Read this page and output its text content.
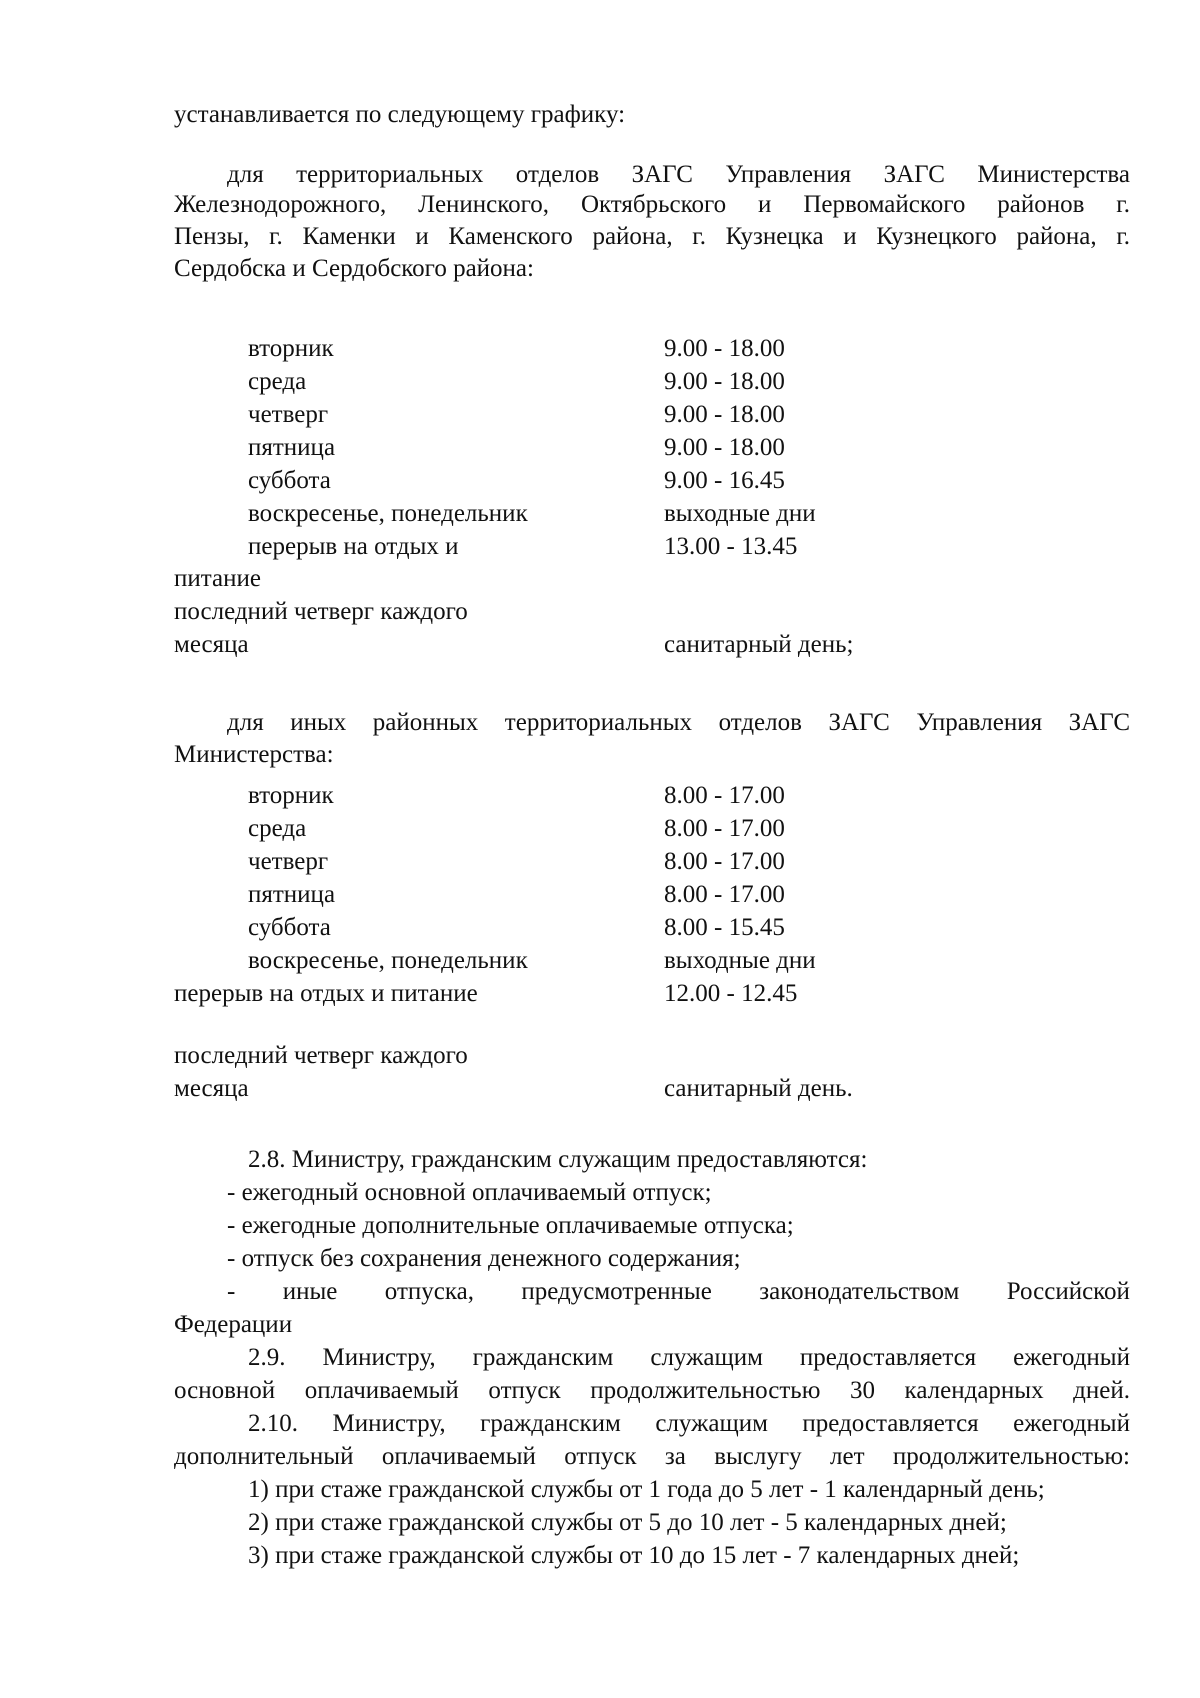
устанавливается по следующему графику:
для территориальных отделов ЗАГС Управления ЗАГС Министерства
Железнодорожного, Ленинского, Октябрьского и Первомайского районов г.
Пензы, г. Каменки и Каменского района, г. Кузнецка и Кузнецкого района, г.
Сердобска и Сердобского района:
вторник	9.00 - 18.00
среда	9.00 - 18.00
четверг	9.00 - 18.00
пятница	9.00 - 18.00
суббота	9.00 - 16.45
воскресенье, понедельник	выходные дни
перерыв на отдых и	13.00 - 13.45
питание
последний четверг каждого
месяца	санитарный день;
для иных районных территориальных отделов ЗАГС Управления ЗАГС
Министерства:
вторник	8.00 - 17.00
среда	8.00 - 17.00
четверг	8.00 - 17.00
пятница	8.00 - 17.00
суббота	8.00 - 15.45
воскресенье, понедельник	выходные дни
перерыв на отдых и питание	12.00 - 12.45
последний четверг каждого
месяца	санитарный день.
2.8. Министру, гражданским служащим предоставляются:
- ежегодный основной оплачиваемый отпуск;
- ежегодные дополнительные оплачиваемые отпуска;
- отпуск без сохранения денежного содержания;
- иные отпуска, предусмотренные законодательством Российской
Федерации
2.9. Министру, гражданским служащим предоставляется ежегодный
основной оплачиваемый отпуск продолжительностью 30 календарных дней.
2.10. Министру, гражданским служащим предоставляется ежегодный
дополнительный оплачиваемый отпуск за выслугу лет продолжительностью:
1) при стаже гражданской службы от 1 года до 5 лет - 1 календарный день;
2) при стаже гражданской службы от 5 до 10 лет - 5 календарных дней;
3) при стаже гражданской службы от 10 до 15 лет - 7 календарных дней;
